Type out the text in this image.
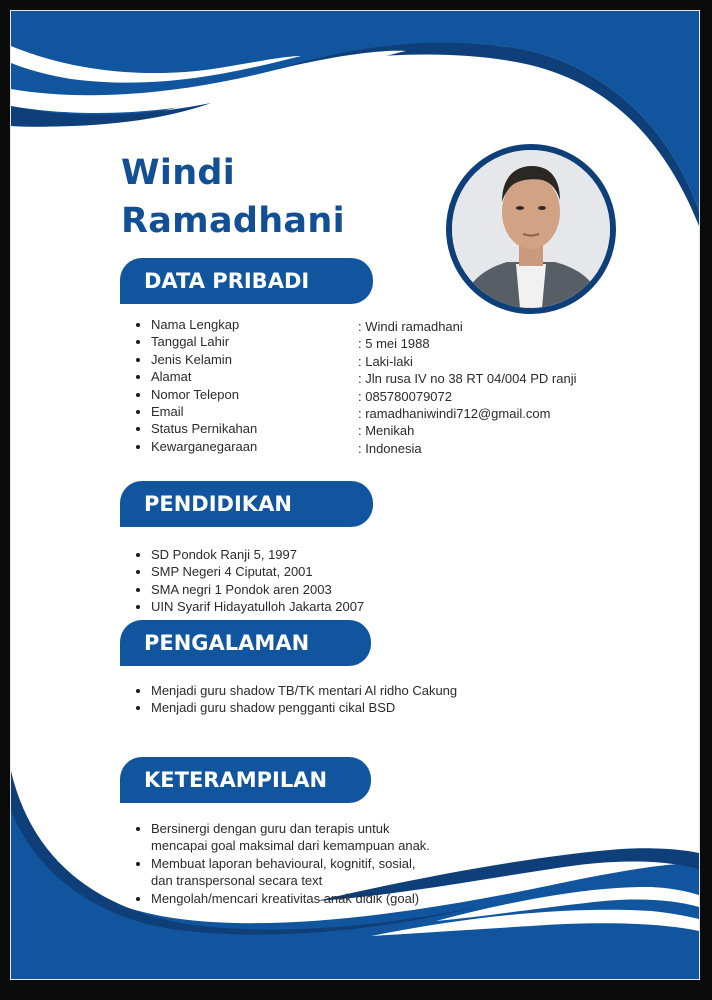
Windi
Ramadhani
DATA PRIBADI
Nama Lengkap
Tanggal Lahir
Jenis Kelamin
Alamat
Nomor Telepon
Email
Status Pernikahan
Kewarganegaraan
: Windi ramadhani
: 5 mei 1988
: Laki-laki
: Jln rusa IV no 38 RT 04/004 PD ranji
: 085780079072
: ramadhaniwindi712@gmail.com
: Menikah
: Indonesia
PENDIDIKAN
SD Pondok Ranji 5, 1997
SMP Negeri 4 Ciputat, 2001
SMA negri 1 Pondok aren 2003
UIN Syarif Hidayatulloh Jakarta 2007
PENGALAMAN
Menjadi guru shadow TB/TK mentari Al ridho Cakung
Menjadi guru shadow pengganti cikal BSD
KETERAMPILAN
Bersinergi dengan guru dan terapis untuk
mencapai goal maksimal dari kemampuan anak.
Membuat laporan behavioural, kognitif, sosial,
dan transpersonal secara text
Mengolah/mencari kreativitas anak didik (goal)
